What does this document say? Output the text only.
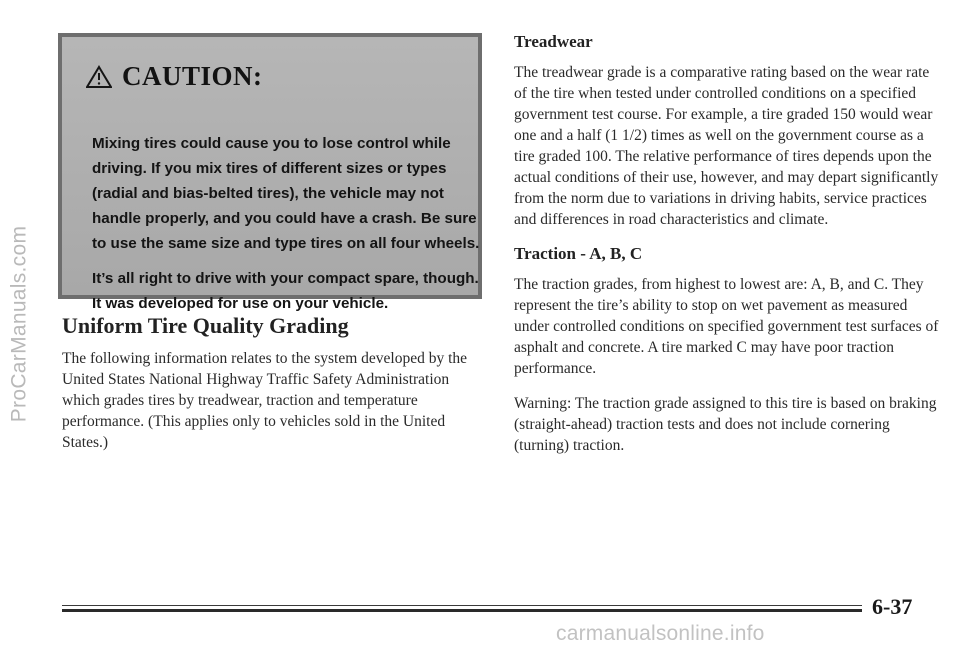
ProCarManuals.com
CAUTION:

Mixing tires could cause you to lose control while driving. If you mix tires of different sizes or types (radial and bias-belted tires), the vehicle may not handle properly, and you could have a crash. Be sure to use the same size and type tires on all four wheels.

It’s all right to drive with your compact spare, though. It was developed for use on your vehicle.

Uniform Tire Quality Grading
The following information relates to the system developed by the United States National Highway Traffic Safety Administration which grades tires by treadwear, traction and temperature performance. (This applies only to vehicles sold in the United States.)
Treadwear

The treadwear grade is a comparative rating based on the wear rate of the tire when tested under controlled conditions on a specified government test course. For example, a tire graded 150 would wear one and a half (1 1/2) times as well on the government course as a tire graded 100. The relative performance of tires depends upon the actual conditions of their use, however, and may depart significantly from the norm due to variations in driving habits, service practices and differences in road characteristics and climate.

Traction - A, B, C

The traction grades, from highest to lowest are: A, B, and C. They represent the tire’s ability to stop on wet pavement as measured under controlled conditions on specified government test surfaces of asphalt and concrete. A tire marked C may have poor traction performance.

Warning: The traction grade assigned to this tire is based on braking (straight-ahead) traction tests and does not include cornering (turning) traction.

6-37
carmanualsonline.info
